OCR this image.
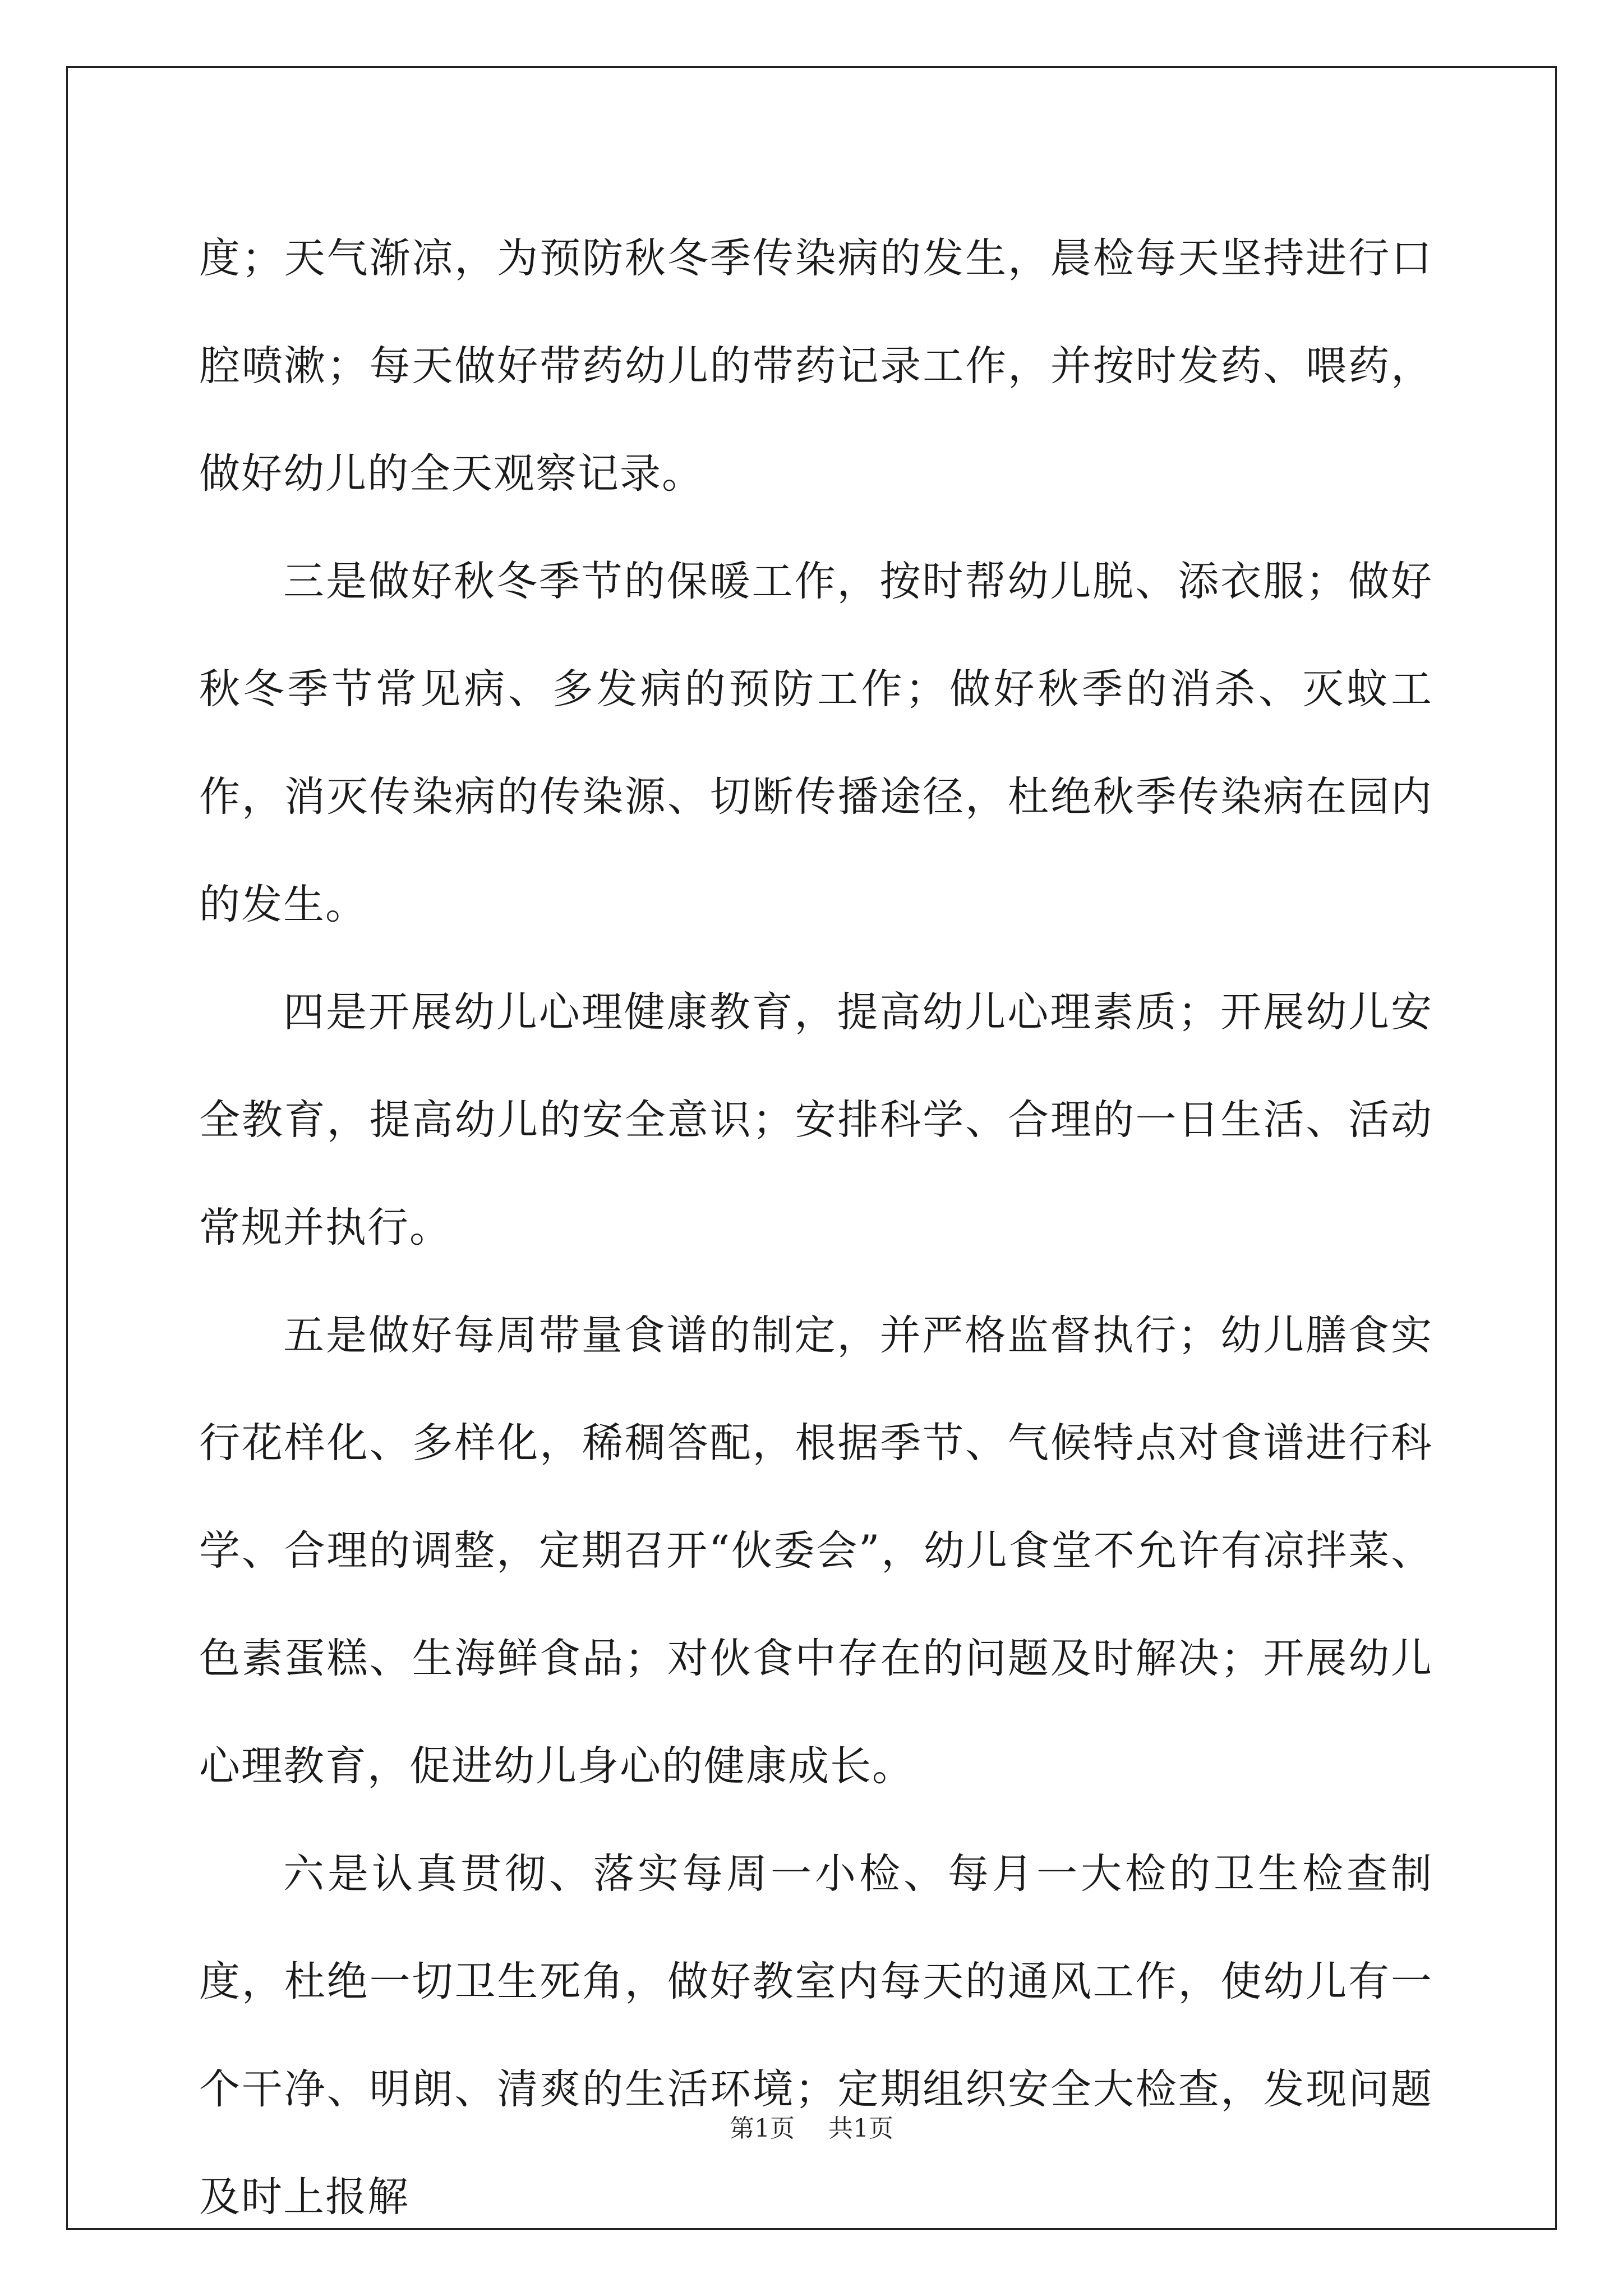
度；天气渐凉，为预防秋冬季传染病的发生，晨检每天坚持进行口腔喷漱；每天做好带药幼儿的带药记录工作，并按时发药、喂药，做好幼儿的全天观察记录。

三是做好秋冬季节的保暖工作，按时帮幼儿脱、添衣服；做好秋冬季节常见病、多发病的预防工作；做好秋季的消杀、灭蚊工作，消灭传染病的传染源、切断传播途径，杜绝秋季传染病在园内的发生。

四是开展幼儿心理健康教育，提高幼儿心理素质；开展幼儿安全教育，提高幼儿的安全意识；安排科学、合理的一日生活、活动常规并执行。

五是做好每周带量食谱的制定，并严格监督执行；幼儿膳食实行花样化、多样化，稀稠答配，根据季节、气候特点对食谱进行科学、合理的调整，定期召开“伙委会”，幼儿食堂不允许有凉拌菜、色素蛋糕、生海鲜食品；对伙食中存在的问题及时解决；开展幼儿心理教育，促进幼儿身心的健康成长。

六是认真贯彻、落实每周一小检、每月一大检的卫生检查制度，杜绝一切卫生死角，做好教室内每天的通风工作，使幼儿有一个干净、明朗、清爽的生活环境；定期组织安全大检查，发现问题及时上报解

第1页 共1页
